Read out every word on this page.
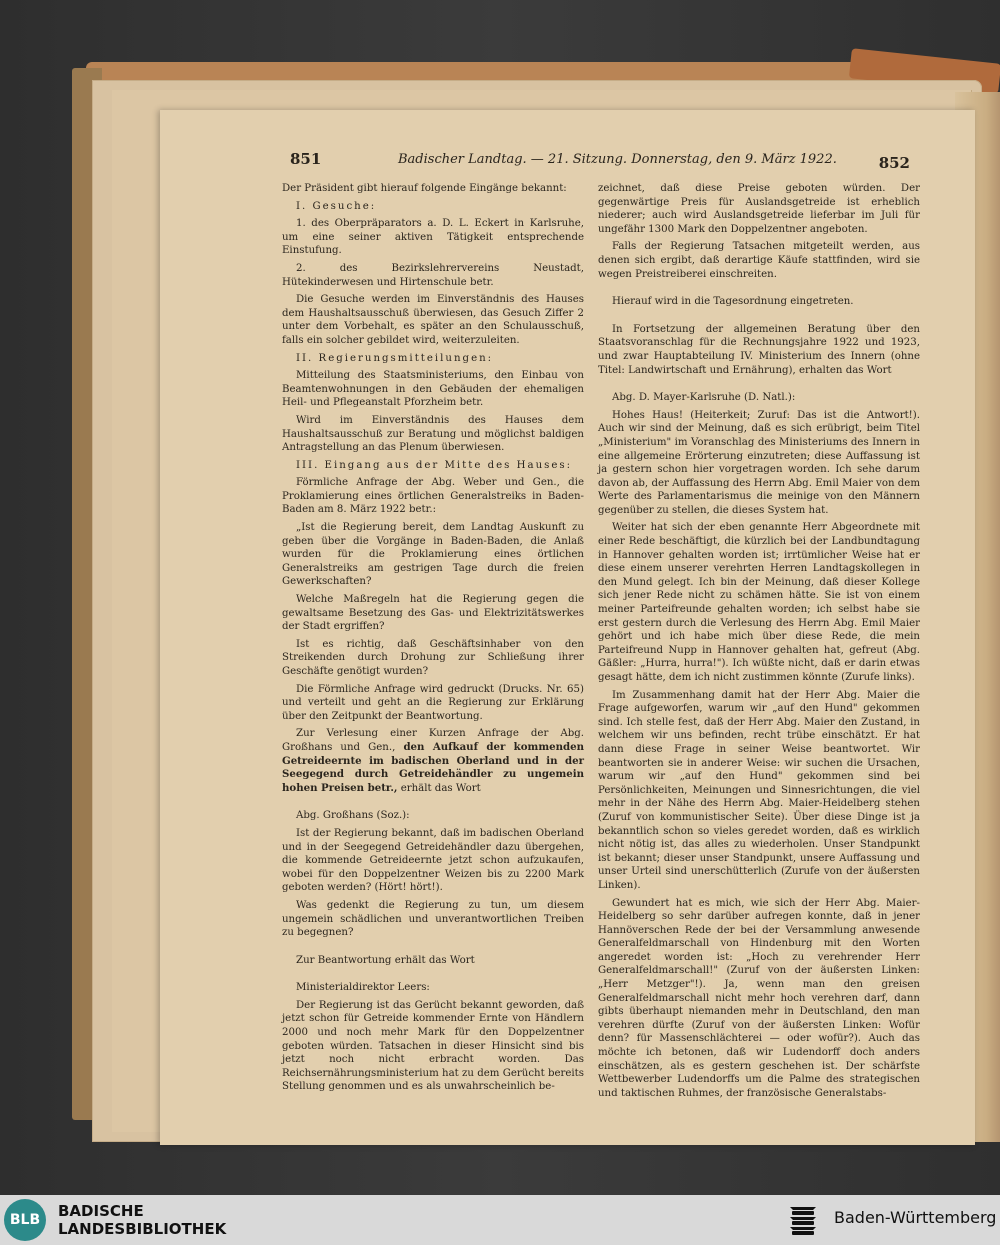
851	Badischer Landtag. — 21. Sitzung. Donnerstag, den 9. März 1922.	852

Der Präsident gibt hierauf folgende Eingänge bekannt:

I. Gesuche:

1. des Oberpräparators a. D. L. Eckert in Karlsruhe, um eine seiner aktiven Tätigkeit entsprechende Einstufung.

2. des Bezirkslehrervereins Neustadt, Hütekinderwesen und Hirtenschule betr.

Die Gesuche werden im Einverständnis des Hauses dem Haushaltsausschuß überwiesen, das Gesuch Ziffer 2 unter dem Vorbehalt, es später an den Schulausschuß, falls ein solcher gebildet wird, weiterzuleiten.

II. Regierungsmitteilungen:

Mitteilung des Staatsministeriums, den Einbau von Beamtenwohnungen in den Gebäuden der ehemaligen Heil- und Pflegeanstalt Pforzheim betr.

Wird im Einverständnis des Hauses dem Haushaltsausschuß zur Beratung und möglichst baldigen Antragstellung an das Plenum überwiesen.

III. Eingang aus der Mitte des Hauses:

Förmliche Anfrage der Abg. Weber und Gen., die Proklamierung eines örtlichen Generalstreiks in Baden-Baden am 8. März 1922 betr.:

„Ist die Regierung bereit, dem Landtag Auskunft zu geben über die Vorgänge in Baden-Baden, die Anlaß wurden für die Proklamierung eines örtlichen Generalstreiks am gestrigen Tage durch die freien Gewerkschaften?

Welche Maßregeln hat die Regierung gegen die gewaltsame Besetzung des Gas- und Elektrizitätswerkes der Stadt ergriffen?

Ist es richtig, daß Geschäftsinhaber von den Streikenden durch Drohung zur Schließung ihrer Geschäfte genötigt wurden?

Die Förmliche Anfrage wird gedruckt (Drucks. Nr. 65) und verteilt und geht an die Regierung zur Erklärung über den Zeitpunkt der Beantwortung.

Zur Verlesung einer Kurzen Anfrage der Abg. Großhans und Gen., den Aufkauf der kommenden Getreideernte im badischen Oberland und in der Seegegend durch Getreidehändler zu ungemein hohen Preisen betr., erhält das Wort

Abg. Großhans (Soz.):

Ist der Regierung bekannt, daß im badischen Oberland und in der Seegegend Getreidehändler dazu übergehen, die kommende Getreideernte jetzt schon aufzukaufen, wobei für den Doppelzentner Weizen bis zu 2200 Mark geboten werden? (Hört! hört!).

Was gedenkt die Regierung zu tun, um diesem ungemein schädlichen und unverantwortlichen Treiben zu begegnen?

Zur Beantwortung erhält das Wort

Ministerialdirektor Leers:

Der Regierung ist das Gerücht bekannt geworden, daß jetzt schon für Getreide kommender Ernte von Händlern 2000 und noch mehr Mark für den Doppelzentner geboten würden. Tatsachen in dieser Hinsicht sind bis jetzt noch nicht erbracht worden. Das Reichsernährungsministerium hat zu dem Gerücht bereits Stellung genommen und es als unwahrscheinlich be-

zeichnet, daß diese Preise geboten würden. Der gegenwärtige Preis für Auslandsgetreide ist erheblich niederer; auch wird Auslandsgetreide lieferbar im Juli für ungefähr 1300 Mark den Doppelzentner angeboten.

Falls der Regierung Tatsachen mitgeteilt werden, aus denen sich ergibt, daß derartige Käufe stattfinden, wird sie wegen Preistreiberei einschreiten.

Hierauf wird in die Tagesordnung eingetreten.

In Fortsetzung der allgemeinen Beratung über den Staatsvoranschlag für die Rechnungsjahre 1922 und 1923, und zwar Hauptabteilung IV. Ministerium des Innern (ohne Titel: Landwirtschaft und Ernährung), erhalten das Wort

Abg. D. Mayer-Karlsruhe (D. Natl.):

Hohes Haus! (Heiterkeit; Zuruf: Das ist die Antwort!). Auch wir sind der Meinung, daß es sich erübrigt, beim Titel „Ministerium" im Voranschlag des Ministeriums des Innern in eine allgemeine Erörterung einzutreten; diese Auffassung ist ja gestern schon hier vorgetragen worden. Ich sehe darum davon ab, der Auffassung des Herrn Abg. Emil Maier von dem Werte des Parlamentarismus die meinige von den Männern gegenüber zu stellen, die dieses System hat.

Weiter hat sich der eben genannte Herr Abgeordnete mit einer Rede beschäftigt, die kürzlich bei der Landbundtagung in Hannover gehalten worden ist; irrtümlicher Weise hat er diese einem unserer verehrten Herren Landtagskollegen in den Mund gelegt. Ich bin der Meinung, daß dieser Kollege sich jener Rede nicht zu schämen hätte. Sie ist von einem meiner Parteifreunde gehalten worden; ich selbst habe sie erst gestern durch die Verlesung des Herrn Abg. Emil Maier gehört und ich habe mich über diese Rede, die mein Parteifreund Nupp in Hannover gehalten hat, gefreut (Abg. Gäßler: „Hurra, hurra!"). Ich wüßte nicht, daß er darin etwas gesagt hätte, dem ich nicht zustimmen könnte (Zurufe links).

Im Zusammenhang damit hat der Herr Abg. Maier die Frage aufgeworfen, warum wir „auf den Hund" gekommen sind. Ich stelle fest, daß der Herr Abg. Maier den Zustand, in welchem wir uns befinden, recht trübe einschätzt. Er hat dann diese Frage in seiner Weise beantwortet. Wir beantworten sie in anderer Weise: wir suchen die Ursachen, warum wir „auf den Hund" gekommen sind bei Persönlichkeiten, Meinungen und Sinnesrichtungen, die viel mehr in der Nähe des Herrn Abg. Maier-Heidelberg stehen (Zuruf von kommunistischer Seite). Über diese Dinge ist ja bekanntlich schon so vieles geredet worden, daß es wirklich nicht nötig ist, das alles zu wiederholen. Unser Standpunkt ist bekannt; dieser unser Standpunkt, unsere Auffassung und unser Urteil sind unerschütterlich (Zurufe von der äußersten Linken).

Gewundert hat es mich, wie sich der Herr Abg. Maier-Heidelberg so sehr darüber aufregen konnte, daß in jener Hannöverschen Rede der bei der Versammlung anwesende Generalfeldmarschall von Hindenburg mit den Worten angeredet worden ist: „Hoch zu verehrender Herr Generalfeldmarschall!" (Zuruf von der äußersten Linken: „Herr Metzger"!). Ja, wenn man den greisen Generalfeldmarschall nicht mehr hoch verehren darf, dann gibts überhaupt niemanden mehr in Deutschland, den man verehren dürfte (Zuruf von der äußersten Linken: Wofür denn? für Massenschlächterei — oder wofür?). Auch das möchte ich betonen, daß wir Ludendorff doch anders einschätzen, als es gestern geschehen ist. Der schärfste Wettbewerber Ludendorffs um die Palme des strategischen und taktischen Ruhmes, der französische Generalstabs-

BLB	BADISCHE
LANDESBIBLIOTHEK
Baden-Württemberg
